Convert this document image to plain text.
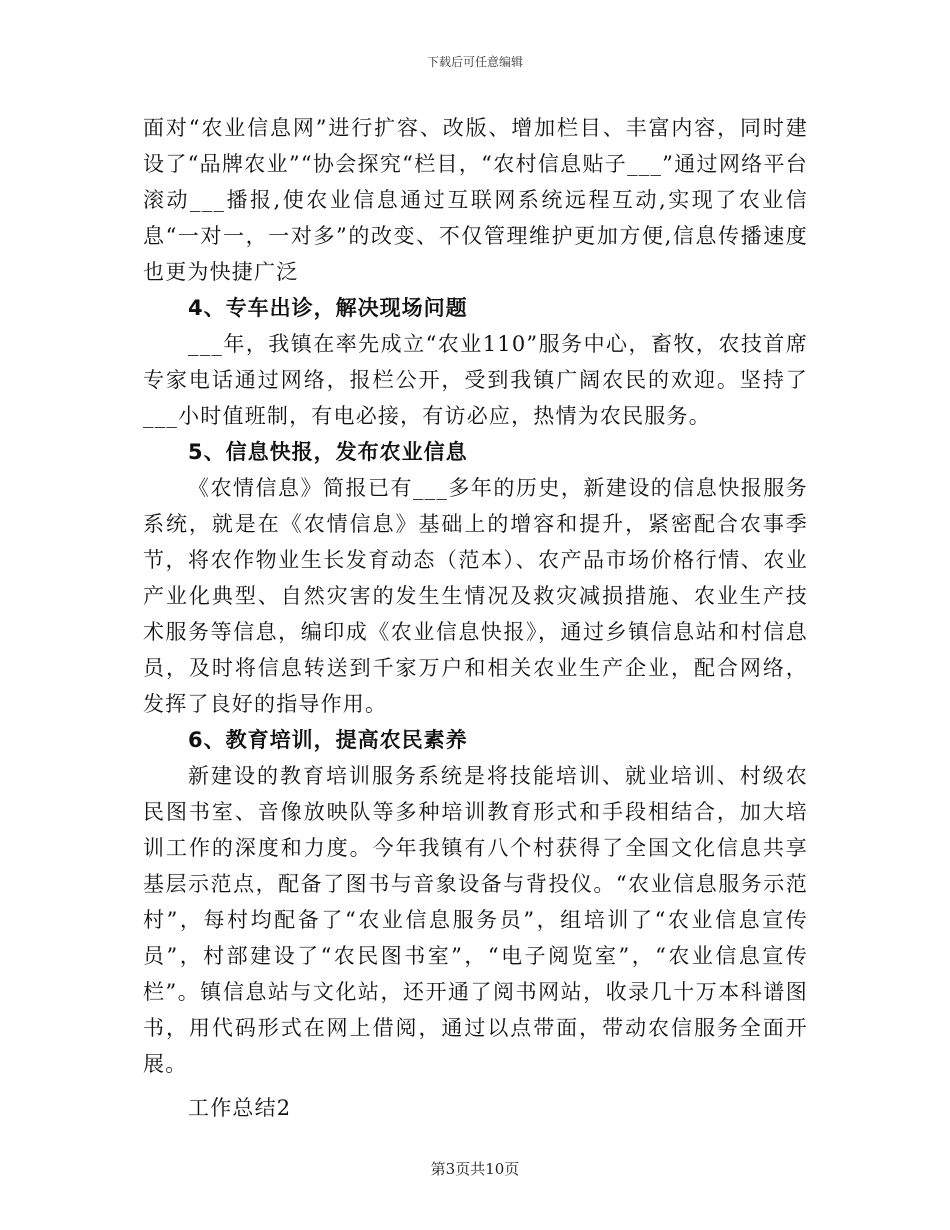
下载后可任意编辑

面对“农业信息网”进行扩容、改版、增加栏目、丰富内容，同时建设了“品牌农业”“协会探究“栏目，“农村信息贴子___”通过网络平台滚动___播报,使农业信息通过互联网系统远程互动,实现了农业信息“一对一，一对多”的改变、不仅管理维护更加方便,信息传播速度也更为快捷广泛

4、专车出诊，解决现场问题

___年，我镇在率先成立“农业110”服务中心，畜牧，农技首席专家电话通过网络，报栏公开，受到我镇广阔农民的欢迎。坚持了___小时值班制，有电必接，有访必应，热情为农民服务。

5、信息快报，发布农业信息

《农情信息》简报已有___多年的历史，新建设的信息快报服务系统，就是在《农情信息》基础上的增容和提升，紧密配合农事季节，将农作物业生长发育动态（范本）、农产品市场价格行情、农业产业化典型、自然灾害的发生生情况及救灾减损措施、农业生产技术服务等信息，编印成《农业信息快报》，通过乡镇信息站和村信息员，及时将信息转送到千家万户和相关农业生产企业，配合网络，发挥了良好的指导作用。

6、教育培训，提高农民素养

新建设的教育培训服务系统是将技能培训、就业培训、村级农民图书室、音像放映队等多种培训教育形式和手段相结合，加大培训工作的深度和力度。今年我镇有八个村获得了全国文化信息共享基层示范点，配备了图书与音象设备与背投仪。“农业信息服务示范村”，每村均配备了“农业信息服务员”，组培训了“农业信息宣传员”，村部建设了“农民图书室”，“电子阅览室”，“农业信息宣传栏”。镇信息站与文化站，还开通了阅书网站，收录几十万本科谱图书，用代码形式在网上借阅，通过以点带面，带动农信服务全面开展。

工作总结2

第3页共10页
